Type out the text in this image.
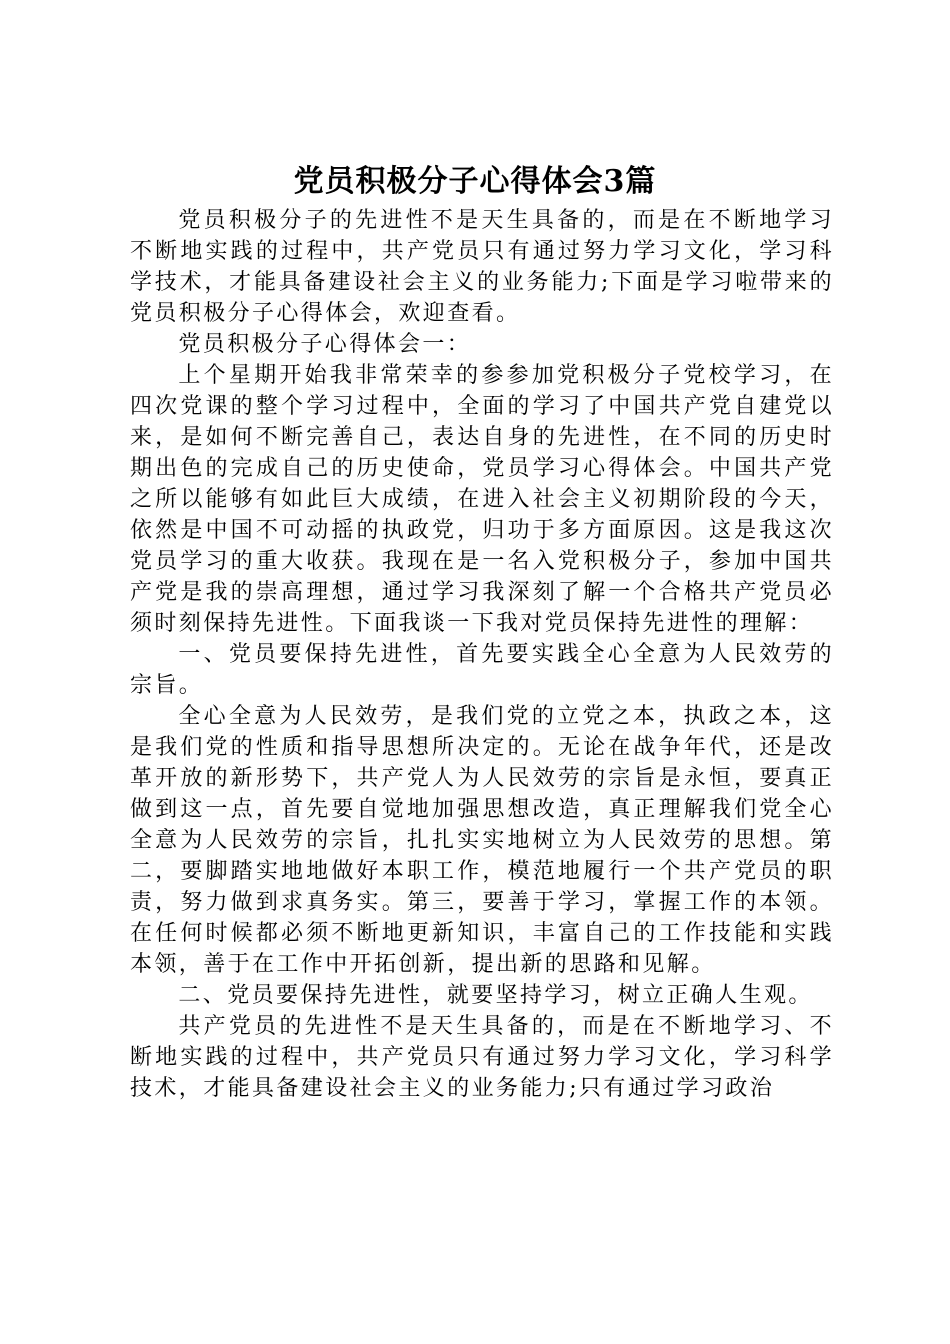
党员积极分子心得体会3篇

党员积极分子的先进性不是天生具备的，而是在不断地学习不断地实践的过程中，共产党员只有通过努力学习文化，学习科学技术，才能具备建设社会主义的业务能力;下面是学习啦带来的党员积极分子心得体会，欢迎查看。

党员积极分子心得体会一：

上个星期开始我非常荣幸的参参加党积极分子党校学习，在四次党课的整个学习过程中，全面的学习了中国共产党自建党以来，是如何不断完善自己，表达自身的先进性，在不同的历史时期出色的完成自己的历史使命，党员学习心得体会。中国共产党之所以能够有如此巨大成绩，在进入社会主义初期阶段的今天，依然是中国不可动摇的执政党，归功于多方面原因。这是我这次党员学习的重大收获。我现在是一名入党积极分子，参加中国共产党是我的崇高理想，通过学习我深刻了解一个合格共产党员必须时刻保持先进性。下面我谈一下我对党员保持先进性的理解：

一、党员要保持先进性，首先要实践全心全意为人民效劳的宗旨。

全心全意为人民效劳，是我们党的立党之本，执政之本，这是我们党的性质和指导思想所决定的。无论在战争年代，还是改革开放的新形势下，共产党人为人民效劳的宗旨是永恒，要真正做到这一点，首先要自觉地加强思想改造，真正理解我们党全心全意为人民效劳的宗旨，扎扎实实地树立为人民效劳的思想。第二，要脚踏实地地做好本职工作，模范地履行一个共产党员的职责，努力做到求真务实。第三，要善于学习，掌握工作的本领。在任何时候都必须不断地更新知识，丰富自己的工作技能和实践本领，善于在工作中开拓创新，提出新的思路和见解。

二、党员要保持先进性，就要坚持学习，树立正确人生观。

共产党员的先进性不是天生具备的，而是在不断地学习、不断地实践的过程中，共产党员只有通过努力学习文化，学习科学技术，才能具备建设社会主义的业务能力;只有通过学习政治
